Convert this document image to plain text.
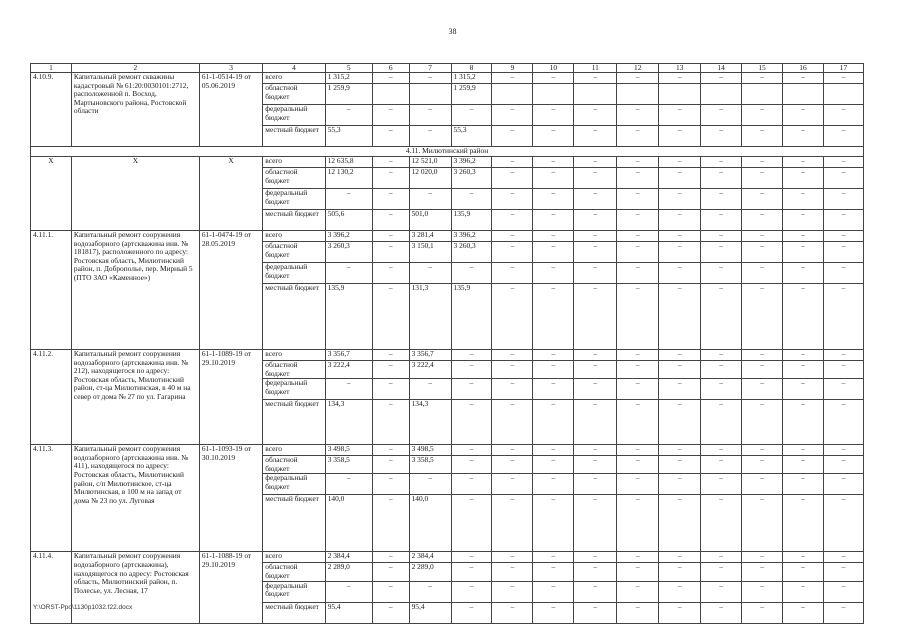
38
1	2	3	4	5	6	7	8	9	10	11	12	13	14	15	16	17
4.10.9.	Капитальный ремонт скважины кадастровый № 61:20:0030101:2712, расположенной п. Восход, Мартыновского района, Ростовской области	61-1-0514-19 от 05.06.2019	всего	1 315,2	–	–	1 315,2	–	–	–	–	–	–	–	–	–
			областной бюджет	1 259,9			1 259,9									
			федеральный бюджет	–	–	–	–	–	–	–	–	–	–	–	–	–
			местный бюджет	55,3	–	–	55,3	–	–	–	–	–	–	–	–	–
4.11. Милютинский район																
Х	Х	Х	всего	12 635,8	–	12 521,0	3 396,2	–	–	–	–	–	–	–	–	–
			областной бюджет	12 130,2	–	12 020,0	3 260,3	–	–	–	–	–	–	–	–	–
			федеральный бюджет	–	–	–	–	–	–	–	–	–	–	–	–	–
			местный бюджет	505,6	–	501,0	135,9	–	–	–	–	–	–	–	–	–
4.11.1.	Капитальный ремонт сооружения водозаборного (артскважина инв. № 181817), расположенного по адресу: Ростовская область, Милютинский район, п. Доброполье, пер. Мирный 5 (ПТО ЗАО «Каменное»)	61-1-0474-19 от 28.05.2019	всего	3 396,2	–	3 281,4	3 396,2	–	–	–	–	–	–	–	–	–
			областной бюджет	3 260,3	–	3 150,1	3 260,3	–	–	–	–	–	–	–	–	–
			федеральный бюджет	–	–	–	–	–	–	–	–	–	–	–	–	–
			местный бюджет	135,9	–	131,3	135,9	–	–	–	–	–	–	–	–	–
4.11.2.	Капитальный ремонт сооружения водозаборного (артскважина инв. № 212), находящегося по адресу: Ростовская область, Милютинский район, ст-ца Милютинская, в 40 м на север от дома № 27 по ул. Гагарина	61-1-1089-19 от 29.10.2019	всего	3 356,7	–	3 356,7	–	–	–	–	–	–	–	–	–	–
			областной бюджет	3 222,4	–	3 222,4	–	–	–	–	–	–	–	–	–	–
			федеральный бюджет	–	–	–	–	–	–	–	–	–	–	–	–	–
			местный бюджет	134,3	–	134,3	–	–	–	–	–	–	–	–	–	–
4.11.3.	Капитальный ремонт сооружения водозаборного (артскважина инв. № 411), находящегося по адресу: Ростовская область, Милютинский район, с/п Милютинское, ст-ца Милютинская, в 100 м на запад от дома № 23 по ул. Луговая	61-1-1093-19 от 30.10.2019	всего	3 498,5	–	3 498,5	–	–	–	–	–	–	–	–	–	–
			областной бюджет	3 358,5	–	3 358,5	–	–	–	–	–	–	–	–	–	–
			федеральный бюджет	–	–	–	–	–	–	–	–	–	–	–	–	–
			местный бюджет	140,0	–	140,0	–	–	–	–	–	–	–	–	–	–
4.11.4.	Капитальный ремонт сооружения водозаборного (артскважина), находящегося по адресу: Ростовская область, Милютинский район, п. Полесье, ул. Лесная, 17	61-1-1088-19 от 29.10.2019	всего	2 384,4	–	2 384,4	–	–	–	–	–	–	–	–	–	–
			областной бюджет	2 289,0	–	2 289,0	–	–	–	–	–	–	–	–	–	–
			федеральный бюджет	–	–	–	–	–	–	–	–	–	–	–	–	–
			местный бюджет	95,4	–	95,4	–	–	–	–	–	–	–	–	–	–
Y:\ORST-Ppo\1130p1032.f22.docx
